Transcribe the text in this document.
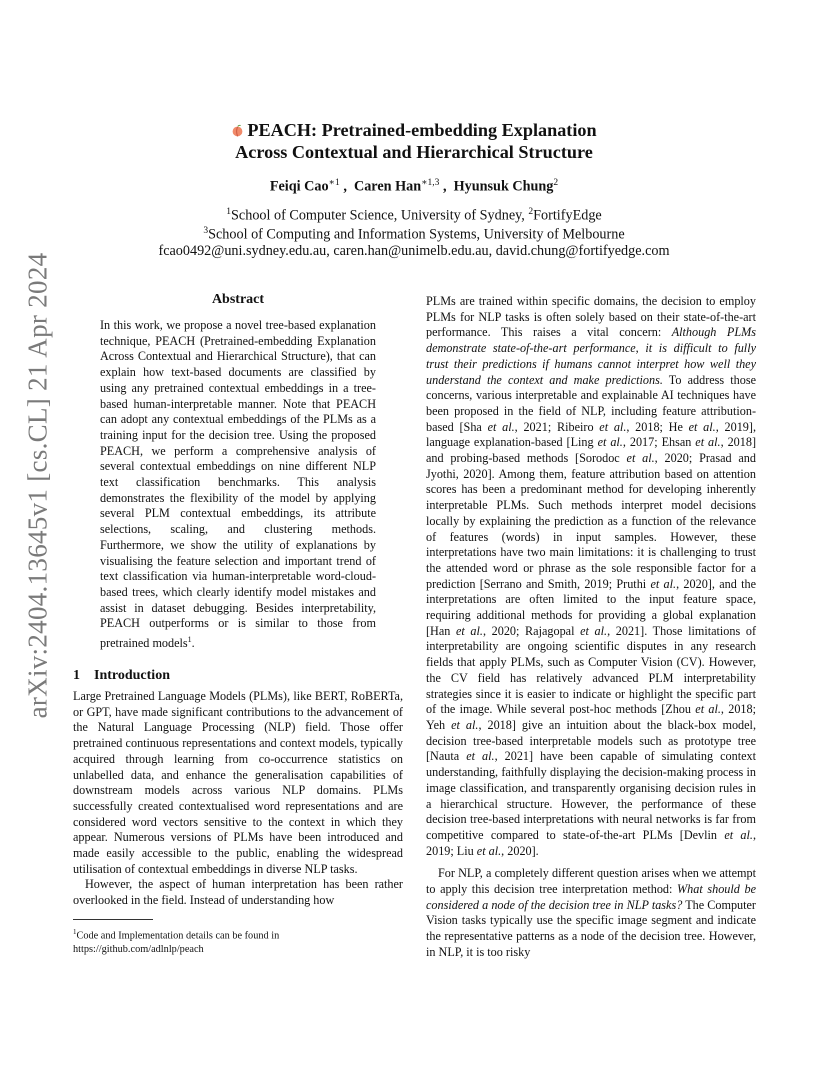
arXiv:2404.13645v1 [cs.CL] 21 Apr 2024
PEACH: Pretrained-embedding Explanation
Across Contextual and Hierarchical Structure
Feiqi Cao$^{∗1}$ ,  Caren Han$^{∗1,3}$ ,  Hyunsuk Chung$^2$
$^1$School of Computer Science, University of Sydney, $^2$FortifyEdge
$^3$School of Computing and Information Systems, University of Melbourne
fcao0492@uni.sydney.edu.au, caren.han@unimelb.edu.au, david.chung@fortifyedge.com
Abstract

In this work, we propose a novel tree-based explanation technique, PEACH (Pretrained-embedding Explanation Across Contextual and Hierarchical Structure), that can explain how text-based documents are classified by using any pretrained contextual embeddings in a tree-based human-interpretable manner. Note that PEACH can adopt any contextual embeddings of the PLMs as a training input for the decision tree. Using the proposed PEACH, we perform a comprehensive analysis of several contextual embeddings on nine different NLP text classification benchmarks. This analysis demonstrates the flexibility of the model by applying several PLM contextual embeddings, its attribute selections, scaling, and clustering methods. Furthermore, we show the utility of explanations by visualising the feature selection and important trend of text classification via human-interpretable word-cloud-based trees, which clearly identify model mistakes and assist in dataset debugging. Besides interpretability, PEACH outperforms or is similar to those from pretrained models$^1$.

1 Introduction

Large Pretrained Language Models (PLMs), like BERT, RoBERTa, or GPT, have made significant contributions to the advancement of the Natural Language Processing (NLP) field. Those offer pretrained continuous representations and context models, typically acquired through learning from co-occurrence statistics on unlabelled data, and enhance the generalisation capabilities of downstream models across various NLP domains. PLMs successfully created contextualised word representations and are considered word vectors sensitive to the context in which they appear. Numerous versions of PLMs have been introduced and made easily accessible to the public, enabling the widespread utilisation of contextual embeddings in diverse NLP tasks.

However, the aspect of human interpretation has been rather overlooked in the field. Instead of understanding how

$^1$Code and Implementation details can be found in https://github.com/adlnlp/peach

PLMs are trained within specific domains, the decision to employ PLMs for NLP tasks is often solely based on their state-of-the-art performance. This raises a vital concern: Although PLMs demonstrate state-of-the-art performance, it is difficult to fully trust their predictions if humans cannot interpret how well they understand the context and make predictions. To address those concerns, various interpretable and explainable AI techniques have been proposed in the field of NLP, including feature attribution-based [Sha et al., 2021; Ribeiro et al., 2018; He et al., 2019], language explanation-based [Ling et al., 2017; Ehsan et al., 2018] and probing-based methods [Sorodoc et al., 2020; Prasad and Jyothi, 2020]. Among them, feature attribution based on attention scores has been a predominant method for developing inherently interpretable PLMs. Such methods interpret model decisions locally by explaining the prediction as a function of the relevance of features (words) in input samples. However, these interpretations have two main limitations: it is challenging to trust the attended word or phrase as the sole responsible factor for a prediction [Serrano and Smith, 2019; Pruthi et al., 2020], and the interpretations are often limited to the input feature space, requiring additional methods for providing a global explanation [Han et al., 2020; Rajagopal et al., 2021]. Those limitations of interpretability are ongoing scientific disputes in any research fields that apply PLMs, such as Computer Vision (CV). However, the CV field has relatively advanced PLM interpretability strategies since it is easier to indicate or highlight the specific part of the image. While several post-hoc methods [Zhou et al., 2018; Yeh et al., 2018] give an intuition about the black-box model, decision tree-based interpretable models such as prototype tree [Nauta et al., 2021] have been capable of simulating context understanding, faithfully displaying the decision-making process in image classification, and transparently organising decision rules in a hierarchical structure. However, the performance of these decision tree-based interpretations with neural networks is far from competitive compared to state-of-the-art PLMs [Devlin et al., 2019; Liu et al., 2020].

For NLP, a completely different question arises when we attempt to apply this decision tree interpretation method: What should be considered a node of the decision tree in NLP tasks? The Computer Vision tasks typically use the specific image segment and indicate the representative patterns as a node of the decision tree. However, in NLP, it is too risky
